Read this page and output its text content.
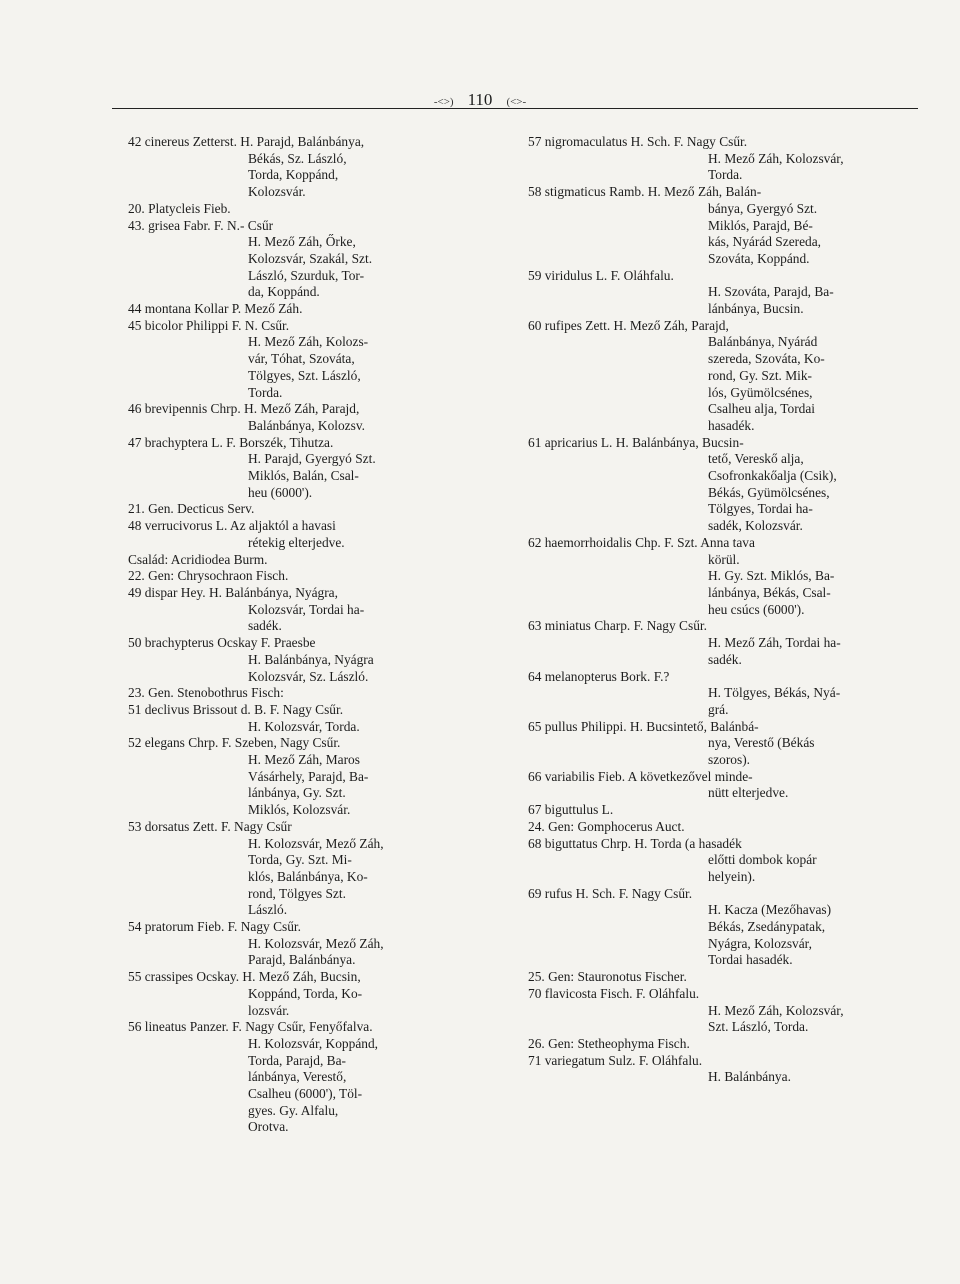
-<>) 110 (<>-
42 cinereus Zetterst. H. Parajd, Balánbánya,
Békás, Sz. László,
Torda, Koppánd,
Kolozsvár.
20. Platycleis Fieb.
43. grisea Fabr. F. N.- Csűr
H. Mező Záh, Őrke,
Kolozsvár, Szakál, Szt.
László, Szurduk, Tor-
da, Koppánd.
44 montana Kollar P. Mező Záh.
45 bicolor Philippi F. N. Csűr.
H. Mező Záh, Kolozs-
vár, Tóhat, Szováta,
Tölgyes, Szt. László,
Torda.
46 brevipennis Chrp. H. Mező Záh, Parajd,
Balánbánya, Kolozsv.
47 brachyptera L. F. Borszék, Tihutza.
H. Parajd, Gyergyó Szt.
Miklós, Balán, Csal-
heu (6000').
21. Gen. Decticus Serv.
48 verrucivorus L. Az aljaktól a havasi
rétekig elterjedve.
Család: Acridiodea Burm.
22. Gen: Chrysochraon Fisch.
49 dispar Hey. H. Balánbánya, Nyágra,
Kolozsvár, Tordai ha-
sadék.
50 brachypterus Ocskay F. Praesbe
H. Balánbánya, Nyágra
Kolozsvár, Sz. László.
23. Gen. Stenobothrus Fisch:
51 declivus Brissout d. B. F. Nagy Csűr.
H. Kolozsvár, Torda.
52 elegans Chrp. F. Szeben, Nagy Csűr.
H. Mező Záh, Maros
Vásárhely, Parajd, Ba-
lánbánya, Gy. Szt.
Miklós, Kolozsvár.
53 dorsatus Zett. F. Nagy Csűr
H. Kolozsvár, Mező Záh,
Torda, Gy. Szt. Mi-
klós, Balánbánya, Ko-
rond, Tölgyes Szt.
László.
54 pratorum Fieb. F. Nagy Csűr.
H. Kolozsvár, Mező Záh,
Parajd, Balánbánya.
55 crassipes Ocskay. H. Mező Záh, Bucsin,
Koppánd, Torda, Ko-
lozsvár.
56 lineatus Panzer. F. Nagy Csűr, Fenyőfalva.
H. Kolozsvár, Koppánd,
Torda, Parajd, Ba-
lánbánya, Verestő,
Csalheu (6000'), Töl-
gyes. Gy. Alfalu,
Orotva.
57 nigromaculatus H. Sch. F. Nagy Csűr.
H. Mező Záh, Kolozsvár,
Torda.
58 stigmaticus Ramb. H. Mező Záh, Balán-
bánya, Gyergyó Szt.
Miklós, Parajd, Bé-
kás, Nyárád Szereda,
Szováta, Koppánd.
59 viridulus L. F. Oláhfalu.
H. Szováta, Parajd, Ba-
lánbánya, Bucsin.
60 rufipes Zett. H. Mező Záh, Parajd,
Balánbánya, Nyárád
szereda, Szováta, Ko-
rond, Gy. Szt. Mik-
lós, Gyümölcsénes,
Csalheu alja, Tordai
hasadék.
61 apricarius L. H. Balánbánya, Bucsin-
tető, Vereskő alja,
Csofronkakőalja (Csik),
Békás, Gyümölcsénes,
Tölgyes, Tordai ha-
sadék, Kolozsvár.
62 haemorrhoidalis Chp. F. Szt. Anna tava
körül.
H. Gy. Szt. Miklós, Ba-
lánbánya, Békás, Csal-
heu csúcs (6000').
63 miniatus Charp. F. Nagy Csűr.
H. Mező Záh, Tordai ha-
sadék.
64 melanopterus Bork. F.?
H. Tölgyes, Békás, Nyá-
grá.
65 pullus Philippi. H. Bucsintető, Balánbá-
nya, Verestő (Békás
szoros).
66 variabilis Fieb. A következővel minde-
nütt elterjedve.
67 biguttulus L.
24. Gen: Gomphocerus Auct.
68 biguttatus Chrp. H. Torda (a hasadék
előtti dombok kopár
helyein).
69 rufus H. Sch. F. Nagy Csűr.
H. Kacza (Mezőhavas)
Békás, Zsedánypatak,
Nyágra, Kolozsvár,
Tordai hasadék.
25. Gen: Stauronotus Fischer.
70 flavicosta Fisch. F. Oláhfalu.
H. Mező Záh, Kolozsvár,
Szt. László, Torda.
26. Gen: Stetheophyma Fisch.
71 variegatum Sulz. F. Oláhfalu.
H. Balánbánya.
